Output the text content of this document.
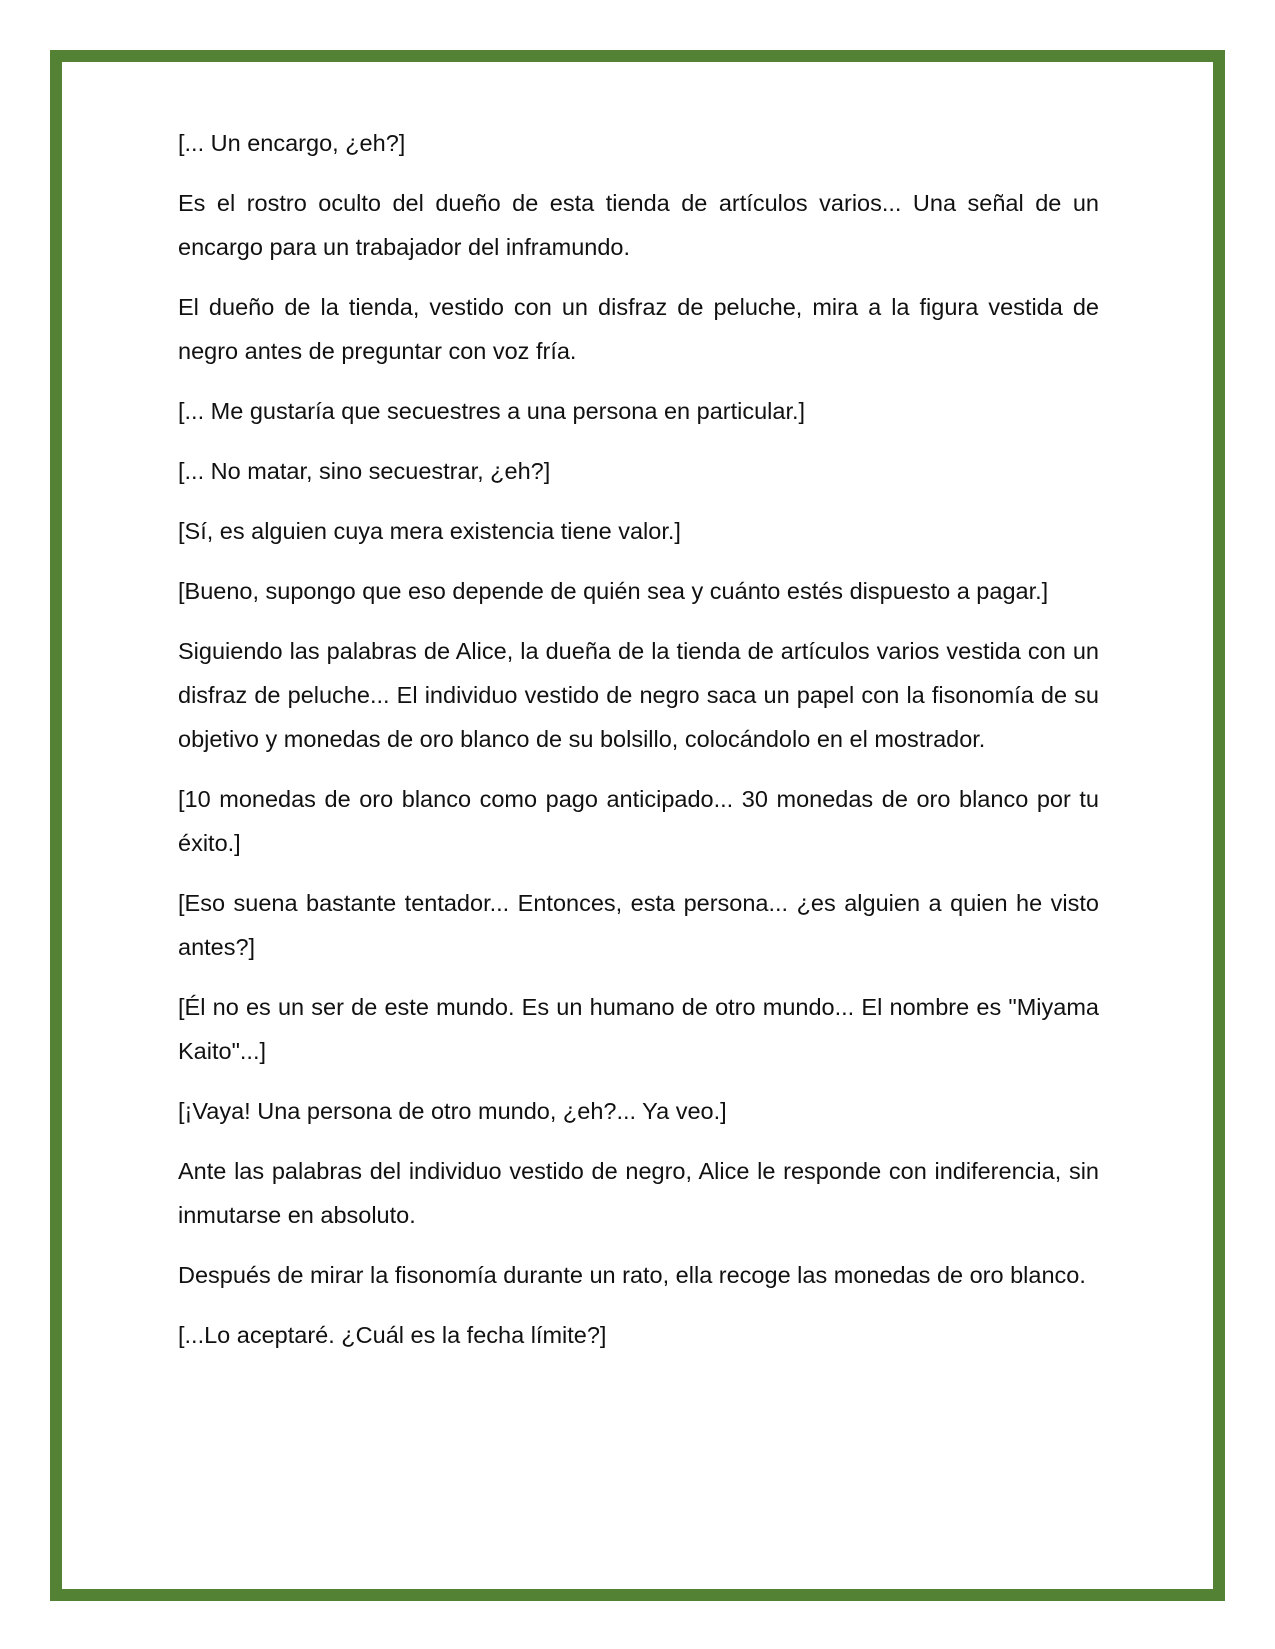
[... Un encargo, ¿eh?]

Es el rostro oculto del dueño de esta tienda de artículos varios... Una señal de un encargo para un trabajador del inframundo.

El dueño de la tienda, vestido con un disfraz de peluche, mira a la figura vestida de negro antes de preguntar con voz fría.

[... Me gustaría que secuestres a una persona en particular.]

[... No matar, sino secuestrar, ¿eh?]

[Sí, es alguien cuya mera existencia tiene valor.]

[Bueno, supongo que eso depende de quién sea y cuánto estés dispuesto a pagar.]

Siguiendo las palabras de Alice, la dueña de la tienda de artículos varios vestida con un disfraz de peluche... El individuo vestido de negro saca un papel con la fisonomía de su objetivo y monedas de oro blanco de su bolsillo, colocándolo en el mostrador.

[10 monedas de oro blanco como pago anticipado... 30 monedas de oro blanco por tu éxito.]

[Eso suena bastante tentador... Entonces, esta persona... ¿es alguien a quien he visto antes?]

[Él no es un ser de este mundo. Es un humano de otro mundo... El nombre es "Miyama Kaito"...]

[¡Vaya! Una persona de otro mundo, ¿eh?... Ya veo.]

Ante las palabras del individuo vestido de negro, Alice le responde con indiferencia, sin inmutarse en absoluto.

Después de mirar la fisonomía durante un rato, ella recoge las monedas de oro blanco.

[...Lo aceptaré. ¿Cuál es la fecha límite?]
